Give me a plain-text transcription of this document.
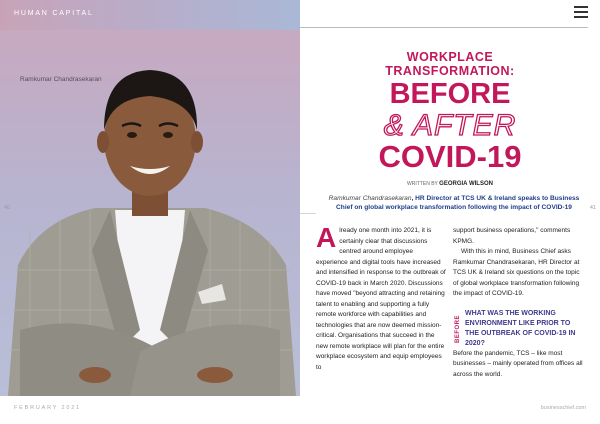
HUMAN CAPITAL
Ramkumar Chandrasekaran
40	41
WORKPLACE
TRANSFORMATION:
BEFORE
& AFTER
COVID-19
WRITTEN BY GEORGIA WILSON
Ramkumar Chandrasekaran, HR Director at TCS UK & Ireland speaks to Business Chief on global workplace transformation following the impact of COVID-19
A lready one month into 2021, it is certainly clear that discussions centred around employee experience and digital tools have increased and intensified in response to the outbreak of COVID-19 back in March 2020. Discussions have moved "beyond attracting and retaining talent to enabling and supporting a fully remote workforce with capabilities and technologies that are now deemed mission-critical. Organisations that succeed in the new remote workplace will plan for the entire workplace ecosystem and equip employees to

support business operations," comments KPMG.

With this in mind, Business Chief asks Ramkumar Chandrasekaran, HR Director at TCS UK & Ireland six questions on the topic of global workplace transformation following the impact of COVID-19.

BEFORE
WHAT WAS THE WORKING ENVIRONMENT LIKE PRIOR TO THE OUTBREAK OF COVID-19 IN 2020?

Before the pandemic, TCS – like most businesses – mainly operated from offices all across the world.

FEBRUARY 2021	businesschief.com
